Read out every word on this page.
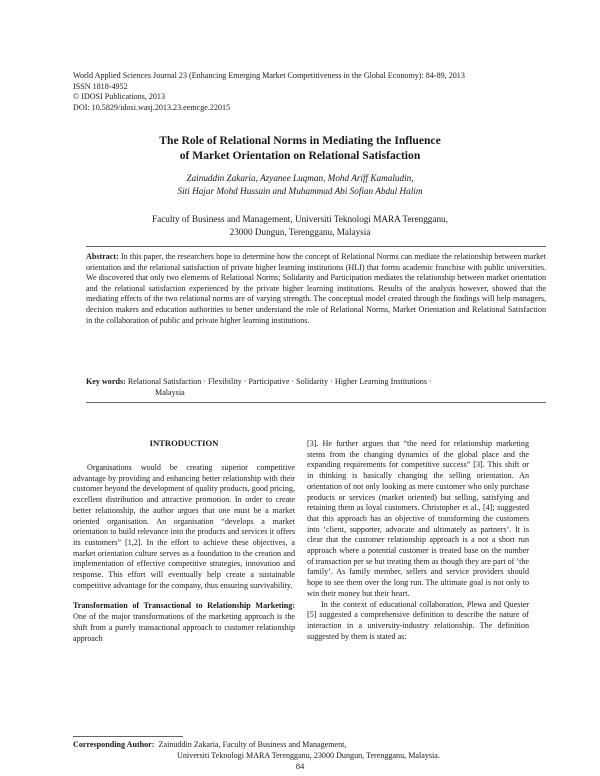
World Applied Sciences Journal 23 (Enhancing Emerging Market Competitiveness in the Global Economy): 84-89, 2013
ISSN 1818-4952
© IDOSI Publications, 2013
DOI: 10.5829/idosi.wasj.2013.23.eemcge.22015
The Role of Relational Norms in Mediating the Influence
of Market Orientation on Relational Satisfaction
Zainuddin Zakaria, Azyanee Luqman, Mohd Ariff Kamaludin,
Siti Hajar Mohd Hussain and Muhammad Abi Sofian Abdul Halim
Faculty of Business and Management, Universiti Teknologi MARA Terengganu,
23000 Dungun, Terengganu, Malaysia
Abstract: In this paper, the researchers hope to determine how the concept of Relational Norms can mediate the relationship between market orientation and the relational satisfaction of private higher learning institutions (HLI) that forms academic franchise with public universities. We discovered that only two elements of Relational Norms; Solidarity and Participation mediates the relationship between market orientation and the relational satisfaction experienced by the private higher learning institutions. Results of the analysis however, showed that the mediating effects of the two relational norms are of varying strength. The conceptual model created through the findings will help managers, decision makers and education authorities to better understand the role of Relational Norms, Market Orientation and Relational Satisfaction in the collaboration of public and private higher learning institutions.
Key words: Relational Satisfaction · Flexibility · Participative · Solidarity · Higher Learning Institutions ·
Malaysia
INTRODUCTION

Organisations would be creating superior competitive advantage by providing and enhancing better relationship with their customer beyond the development of quality products, good pricing, excellent distribution and attractive promotion. In order to create better relationship, the author argues that one must be a market oriented organisation. An organisation “develops a market orientation to build relevance into the products and services it offers its customers” [1,2]. In the effort to achieve these objectives, a market orientation culture serves as a foundation to the creation and implementation of effective competitive strategies, innovation and response. This effort will eventually help create a sustainable competitive advantage for the company, thus ensuring survivability.

Transformation of Transactional to Relationship Marketing: One of the major transformations of the marketing approach is the shift from a purely transactional approach to customer relationship approach

[3]. He further argues that “the need for relationship marketing stems from the changing dynamics of the global place and the expanding requirements for competitive success” [3]. This shift or in thinking is basically changing the selling orientation. An orientation of not only looking as mere customer who only purchase products or services (market oriented) but selling, satisfying and retaining them as loyal customers. Christopher et al., [4]; suggested that this approach has an objective of transforming the customers into ‘client, supporter, advocate and ultimately as partners’. It is clear that the customer relationship approach is a not a short run approach where a potential customer is treated base on the number of transaction per se but treating them as though they are part of ‘the family’. As family member, sellers and service providers should hope to see them over the long run. The ultimate goal is not only to win their money but their heart.

In the context of educational collaboration, Plewa and Quester [5] suggested a comprehensive definition to describe the nature of interaction in a university-industry relationship. The definition suggested by them is stated as:

Corresponding Author: Zainuddin Zakaria, Faculty of Business and Management,
Universiti Teknologi MARA Terengganu, 23000 Dungun, Terengganu, Malaysia.
84
